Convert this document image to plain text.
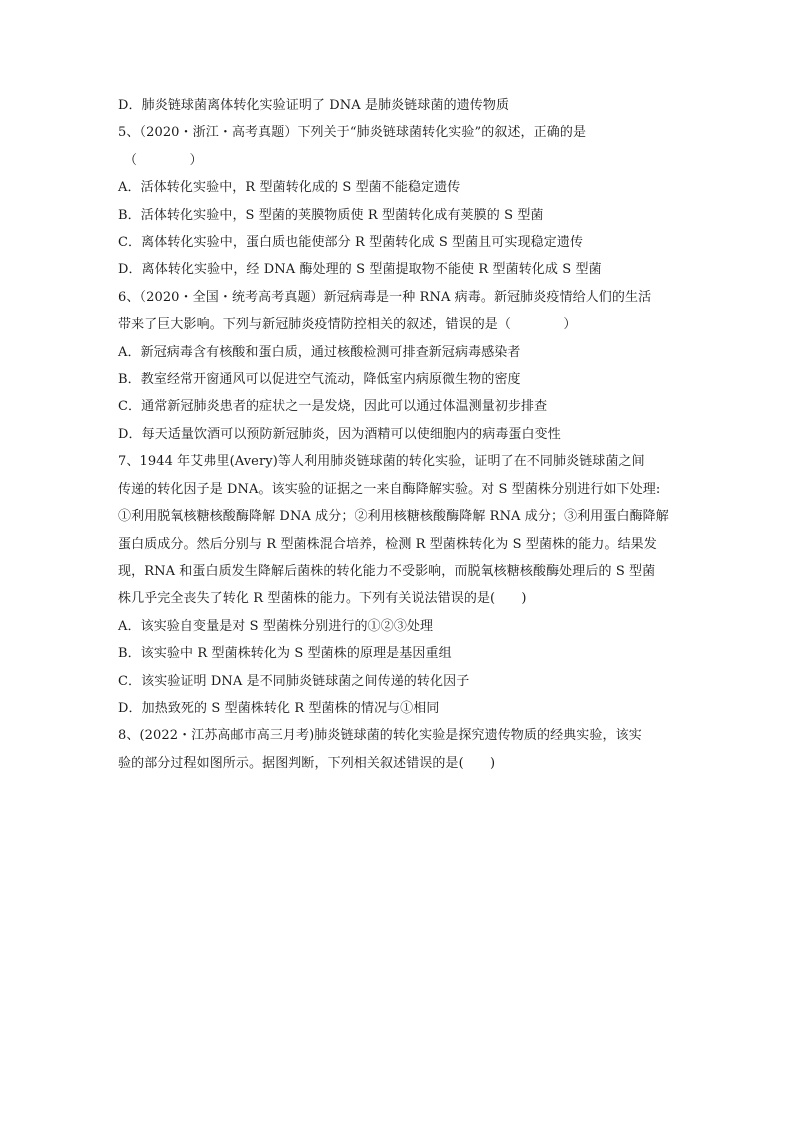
D．肺炎链球菌离体转化实验证明了 DNA 是肺炎链球菌的遗传物质
5、（2020・浙江・高考真题）下列关于“肺炎链球菌转化实验”的叙述，正确的是
（　　　　）
A．活体转化实验中，R 型菌转化成的 S 型菌不能稳定遗传
B．活体转化实验中，S 型菌的荚膜物质使 R 型菌转化成有荚膜的 S 型菌
C．离体转化实验中，蛋白质也能使部分 R 型菌转化成 S 型菌且可实现稳定遗传
D．离体转化实验中，经 DNA 酶处理的 S 型菌提取物不能使 R 型菌转化成 S 型菌
6、（2020・全国・统考高考真题）新冠病毒是一种 RNA 病毒。新冠肺炎疫情给人们的生活
带来了巨大影响。下列与新冠肺炎疫情防控相关的叙述，错误的是（　　　　）
A．新冠病毒含有核酸和蛋白质，通过核酸检测可排查新冠病毒感染者
B．教室经常开窗通风可以促进空气流动，降低室内病原微生物的密度
C．通常新冠肺炎患者的症状之一是发烧，因此可以通过体温测量初步排查
D．每天适量饮酒可以预防新冠肺炎，因为酒精可以使细胞内的病毒蛋白变性
7、1944 年艾弗里(Avery)等人利用肺炎链球菌的转化实验，证明了在不同肺炎链球菌之间
传递的转化因子是 DNA。该实验的证据之一来自酶降解实验。对 S 型菌株分别进行如下处理:
①利用脱氧核糖核酸酶降解 DNA 成分；②利用核糖核酸酶降解 RNA 成分；③利用蛋白酶降解
蛋白质成分。然后分别与 R 型菌株混合培养，检测 R 型菌株转化为 S 型菌株的能力。结果发
现，RNA 和蛋白质发生降解后菌株的转化能力不受影响，而脱氧核糖核酸酶处理后的 S 型菌
株几乎完全丧失了转化 R 型菌株的能力。下列有关说法错误的是(　　)
A．该实验自变量是对 S 型菌株分别进行的①②③处理
B．该实验中 R 型菌株转化为 S 型菌株的原理是基因重组
C．该实验证明 DNA 是不同肺炎链球菌之间传递的转化因子
D．加热致死的 S 型菌株转化 R 型菌株的情况与①相同
8、(2022・江苏高邮市高三月考)肺炎链球菌的转化实验是探究遗传物质的经典实验，该实
验的部分过程如图所示。据图判断，下列相关叙述错误的是(　　)
